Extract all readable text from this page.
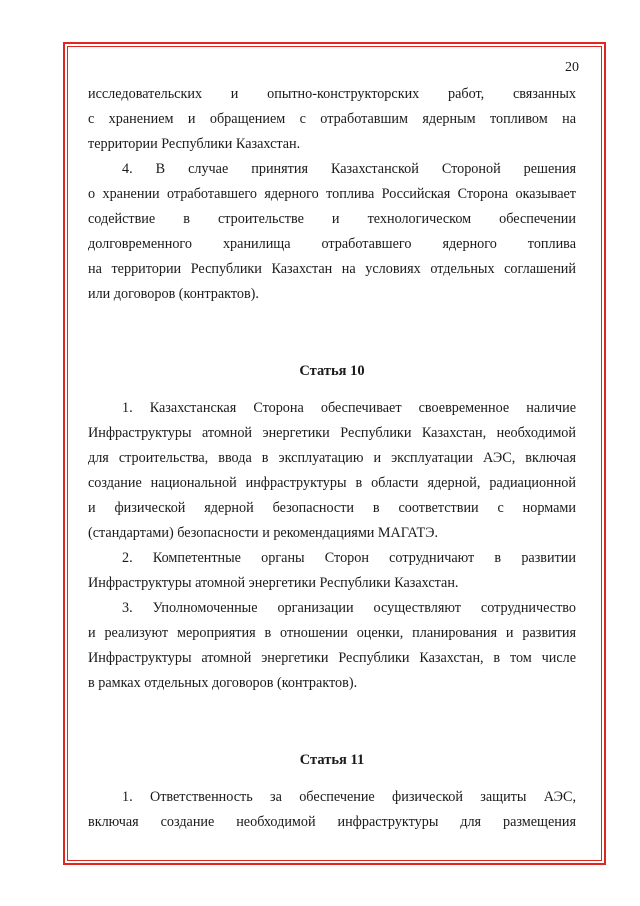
20
исследовательских и опытно-конструкторских работ, связанных
с хранением и обращением с отработавшим ядерным топливом на
территории Республики Казахстан.
4. В случае принятия Казахстанской Стороной решения
о хранении отработавшего ядерного топлива Российская Сторона оказывает
содействие в строительстве и технологическом обеспечении
долговременного хранилища отработавшего ядерного топлива
на территории Республики Казахстан на условиях отдельных соглашений
или договоров (контрактов).
Статья 10
1. Казахстанская Сторона обеспечивает своевременное наличие
Инфраструктуры атомной энергетики Республики Казахстан, необходимой
для строительства, ввода в эксплуатацию и эксплуатации АЭС, включая
создание национальной инфраструктуры в области ядерной, радиационной
и физической ядерной безопасности в соответствии с нормами
(стандартами) безопасности и рекомендациями МАГАТЭ.
2. Компетентные органы Сторон сотрудничают в развитии
Инфраструктуры атомной энергетики Республики Казахстан.
3. Уполномоченные организации осуществляют сотрудничество
и реализуют мероприятия в отношении оценки, планирования и развития
Инфраструктуры атомной энергетики Республики Казахстан, в том числе
в рамках отдельных договоров (контрактов).
Статья 11
1. Ответственность за обеспечение физической защиты АЭС,
включая создание необходимой инфраструктуры для размещения
